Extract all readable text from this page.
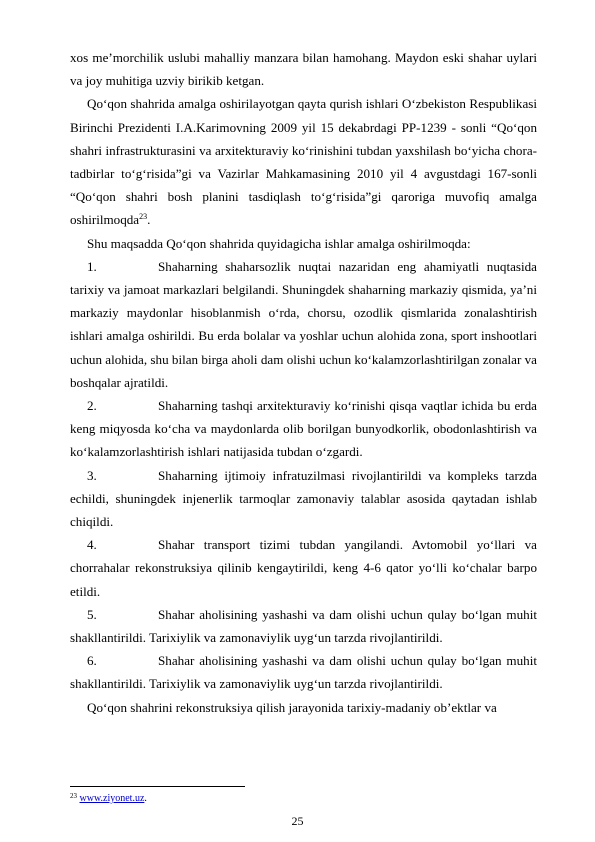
xos me’morchilik uslubi mahalliy manzara bilan hamohang. Maydon eski shahar uylari va joy muhitiga uzviy birikib ketgan.

Qo‘qon shahrida amalga oshirilayotgan qayta qurish ishlari O‘zbekiston Respublikasi Birinchi Prezidenti I.A.Karimovning 2009 yil 15 dekabrdagi PP-1239 - sonli “Qo‘qon shahri infrastrukturasini va arxitekturaviy ko‘rinishini tubdan yaxshilash bo‘yicha chora-tadbirlar to‘g‘risida”gi va Vazirlar Mahkamasining 2010 yil 4 avgustdagi 167-sonli “Qo‘qon shahri bosh planini tasdiqlash to‘g‘risida”gi qaroriga muvofiq amalga oshirilmoqda$^{23}$.

Shu maqsadda Qo‘qon shahrida quyidagicha ishlar amalga oshirilmoqda:

1.	Shaharning shaharsozlik nuqtai nazaridan eng ahamiyatli nuqtasida tarixiy va jamoat markazlari belgilandi. Shuningdek shaharning markaziy qismida, ya’ni markaziy maydonlar hisoblanmish o‘rda, chorsu, ozodlik qismlarida zonalashtirish ishlari amalga oshirildi. Bu erda bolalar va yoshlar uchun alohida zona, sport inshootlari uchun alohida, shu bilan birga aholi dam olishi uchun ko‘kalamzorlashtirilgan zonalar va boshqalar ajratildi.

2.	Shaharning tashqi arxitekturaviy ko‘rinishi qisqa vaqtlar ichida bu erda keng miqyosda ko‘cha va maydonlarda olib borilgan bunyodkorlik, obodonlashtirish va ko‘kalamzorlashtirish ishlari natijasida tubdan o‘zgardi.

3.	Shaharning ijtimoiy infratuzilmasi rivojlantirildi va kompleks tarzda echildi, shuningdek injenerlik tarmoqlar zamonaviy talablar asosida qaytadan ishlab chiqildi.

4.	Shahar transport tizimi tubdan yangilandi. Avtomobil yo‘llari va chorrahalar rekonstruksiya qilinib kengaytirildi, keng 4-6 qator yo‘lli ko‘chalar barpo etildi.

5.	Shahar aholisining yashashi va dam olishi uchun qulay bo‘lgan muhit shakllantirildi. Tarixiylik va zamonaviylik uyg‘un tarzda rivojlantirildi.

6.	Shahar aholisining yashashi va dam olishi uchun qulay bo‘lgan muhit shakllantirildi. Tarixiylik va zamonaviylik uyg‘un tarzda rivojlantirildi.

Qo‘qon shahrini rekonstruksiya qilish jarayonida tarixiy-madaniy ob’ektlar va

$^{23}$ www.ziyonet.uz.
25
